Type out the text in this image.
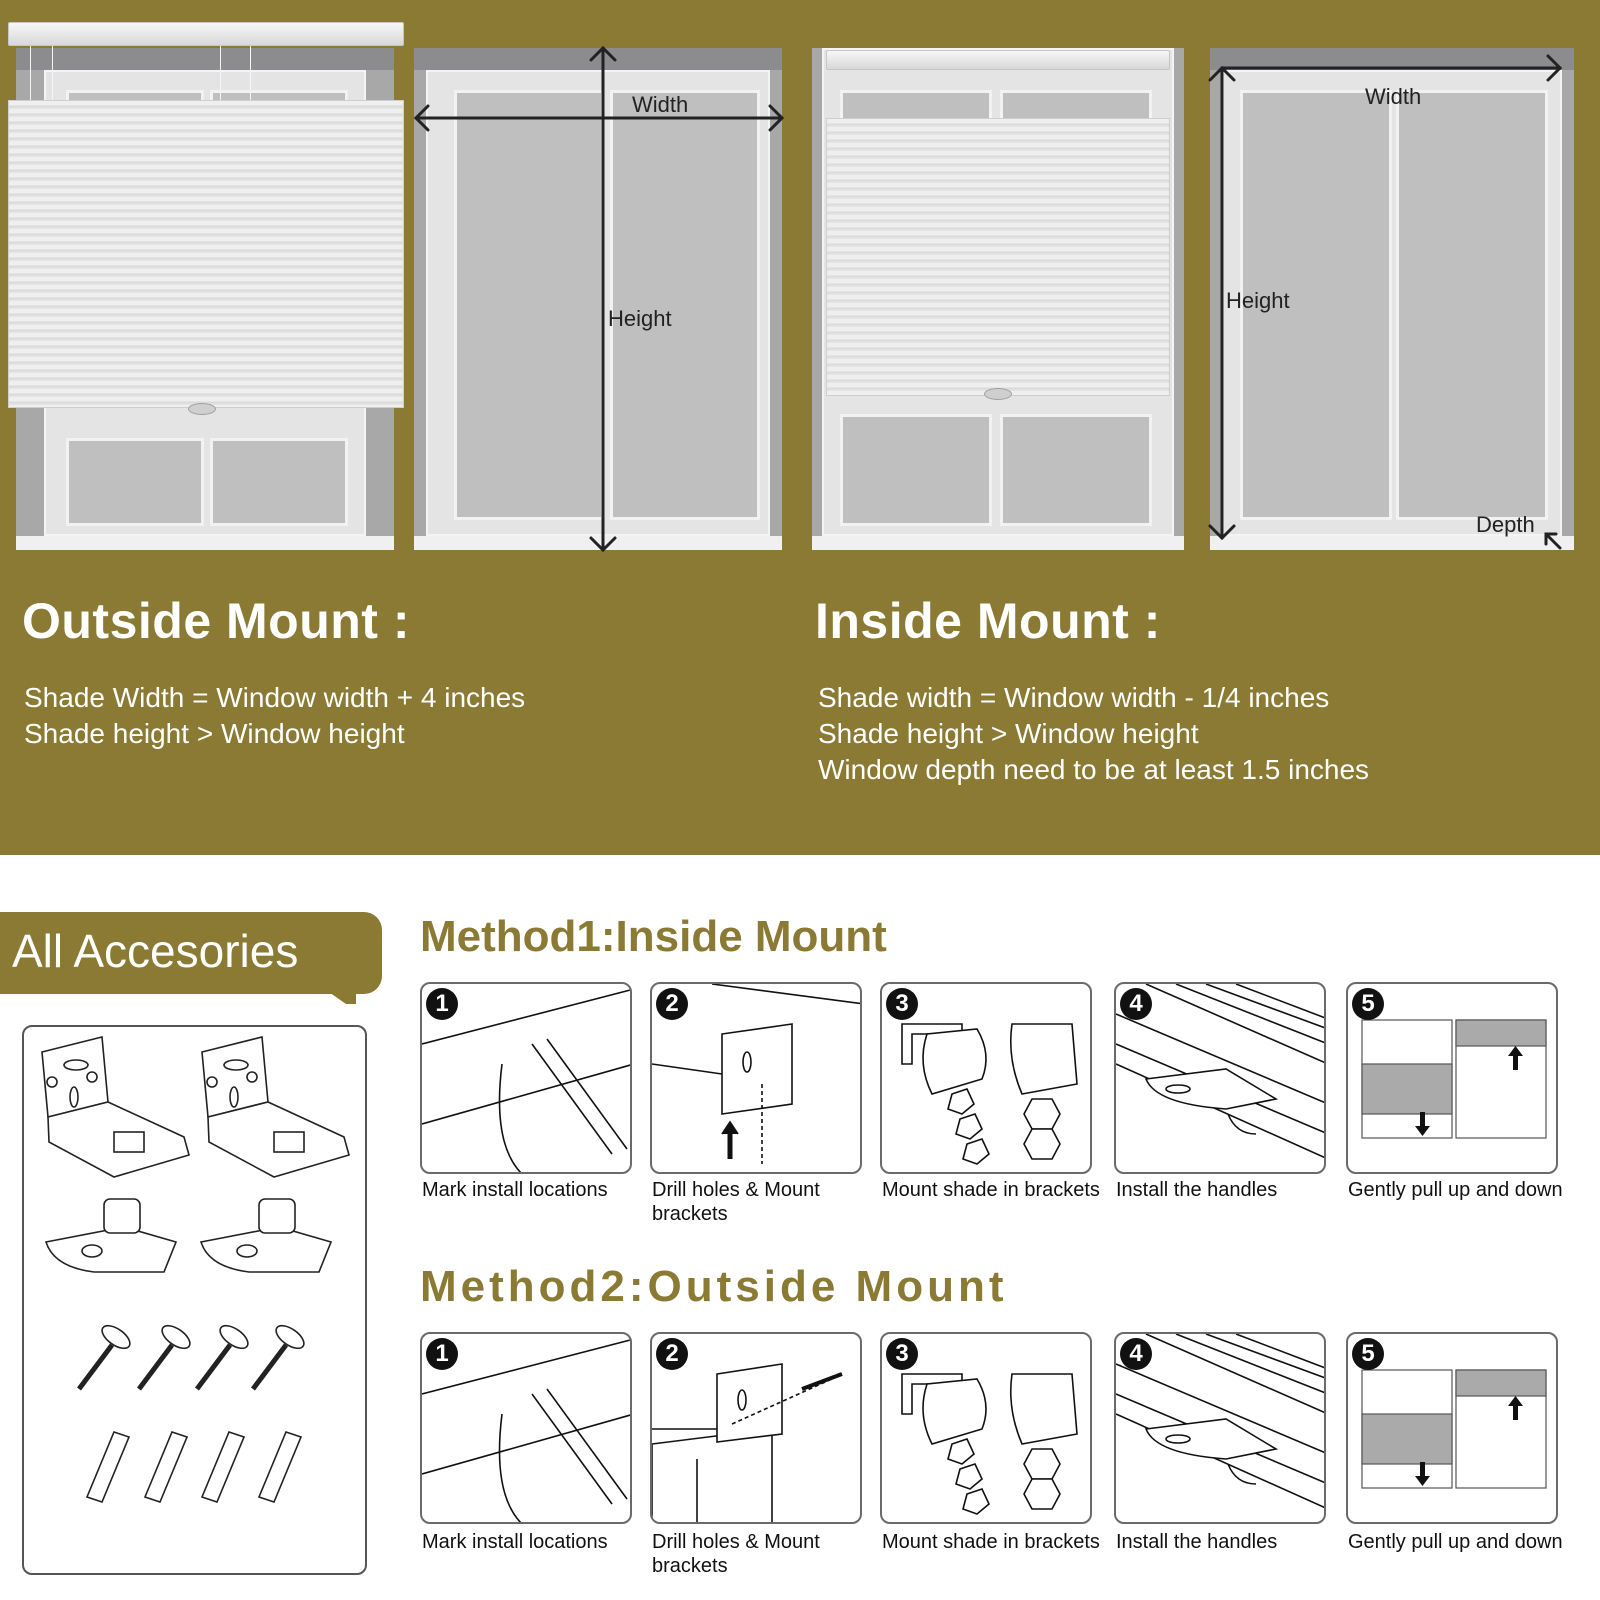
Width
Height
Width
Height
Depth
Outside Mount :
Shade Width = Window width + 4 inches
Shade height > Window height
Inside Mount :
Shade width = Window width - 1/4 inches
Shade height > Window height
Window depth need to be at least 1.5 inches
All Accesories	Method1:Inside Mount
1
Mark install locations
2
Drill holes & Mount brackets
3
Mount shade in brackets
4
Install the handles
5
Gently pull up and down
Method2:Outside Mount
1
Mark install locations
2
Drill holes & Mount brackets
3
Mount shade in brackets
4
Install the handles
5
Gently pull up and down
